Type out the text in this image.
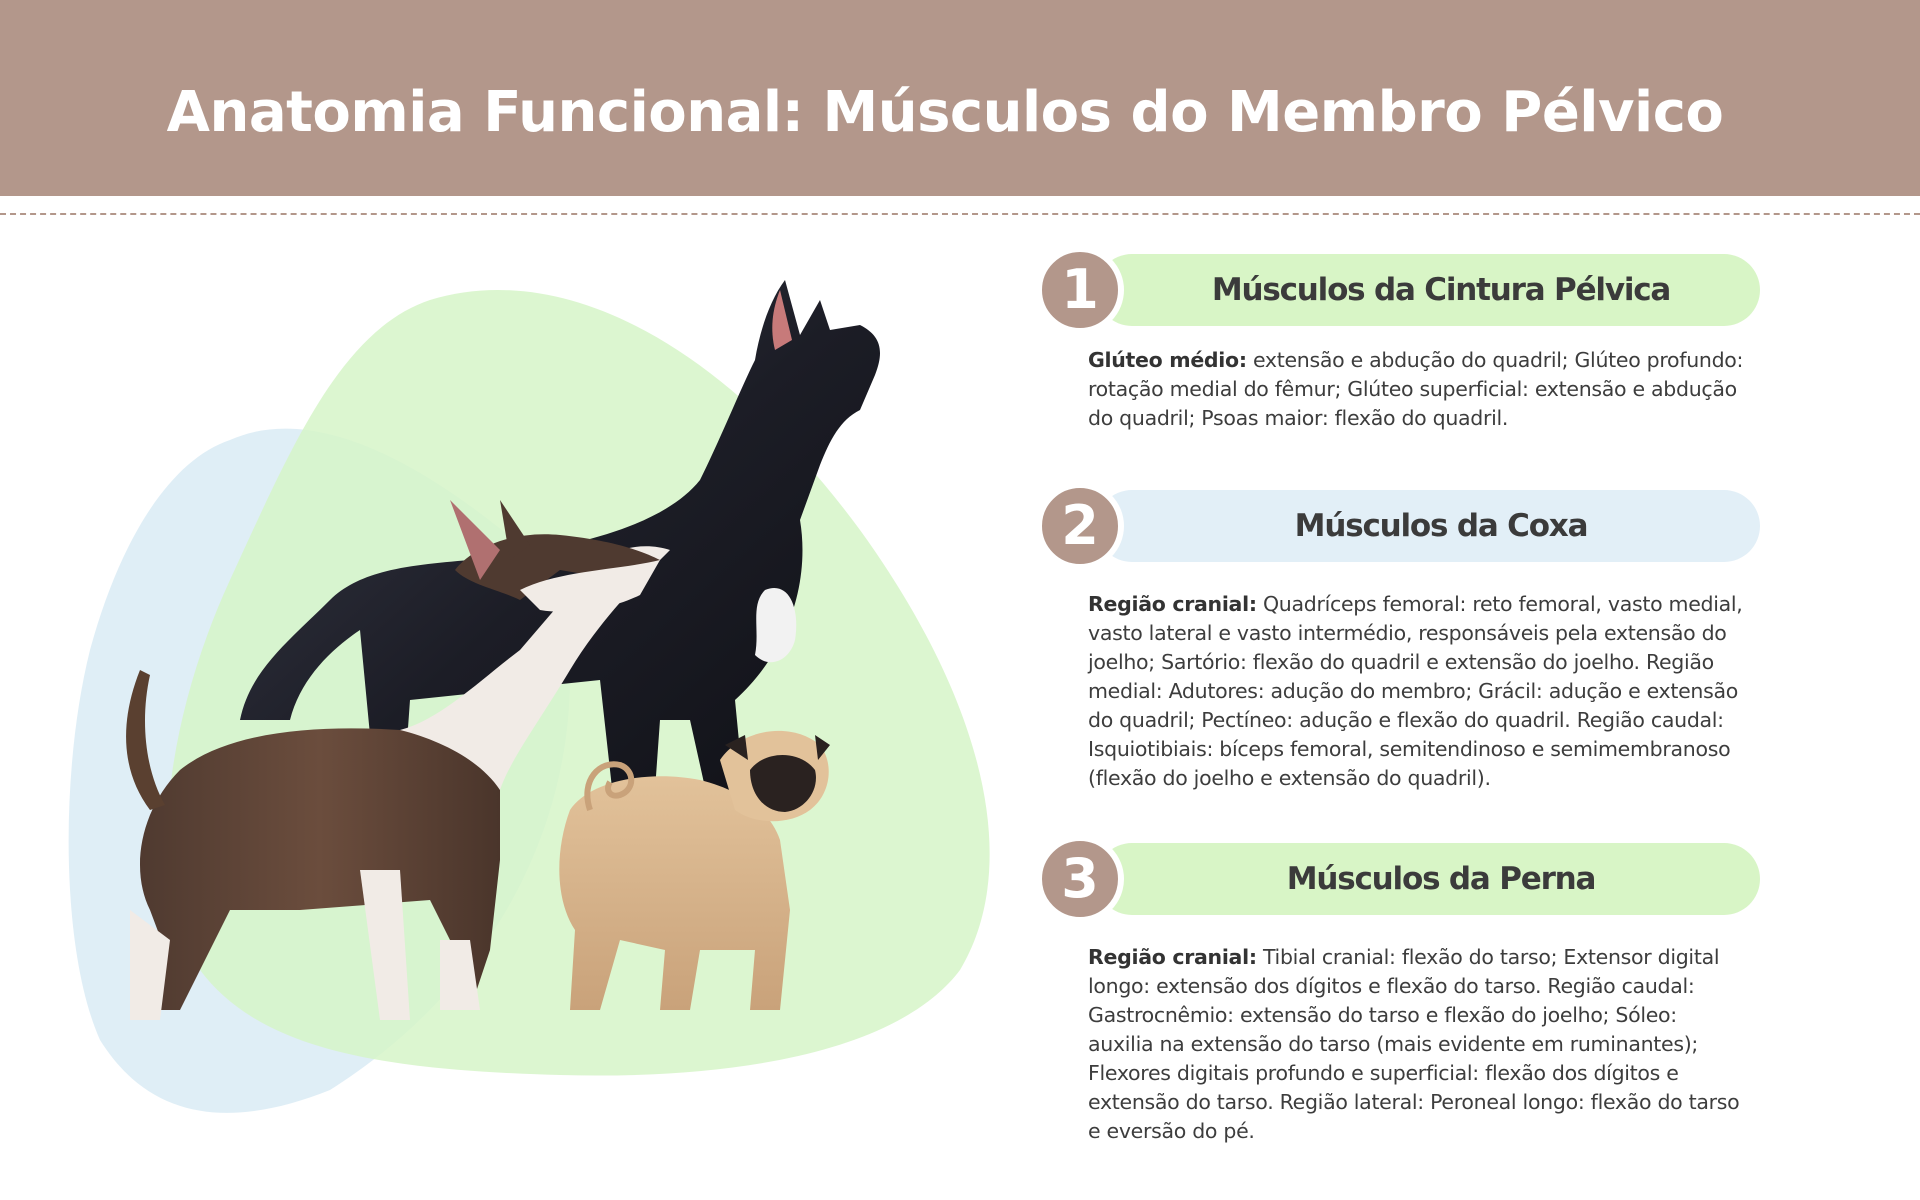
Anatomia Funcional: Músculos do Membro Pélvico
1	Músculos da Cintura Pélvica
Glúteo médio: extensão e abdução do quadril; Glúteo profundo: rotação medial do fêmur; Glúteo superficial: extensão e abdução do quadril; Psoas maior: flexão do quadril.
2	Músculos da Coxa
Região cranial: Quadríceps femoral: reto femoral, vasto medial, vasto lateral e vasto intermédio, responsáveis pela extensão do joelho; Sartório: flexão do quadril e extensão do joelho. Região medial: Adutores: adução do membro; Grácil: adução e extensão do quadril; Pectíneo: adução e flexão do quadril. Região caudal: Isquiotibiais: bíceps femoral, semitendinoso e semimembranoso (flexão do joelho e extensão do quadril).
3	Músculos da Perna
Região cranial: Tibial cranial: flexão do tarso; Extensor digital longo: extensão dos dígitos e flexão do tarso. Região caudal: Gastrocnêmio: extensão do tarso e flexão do joelho; Sóleo: auxilia na extensão do tarso (mais evidente em ruminantes); Flexores digitais profundo e superficial: flexão dos dígitos e extensão do tarso. Região lateral: Peroneal longo: flexão do tarso e eversão do pé.
